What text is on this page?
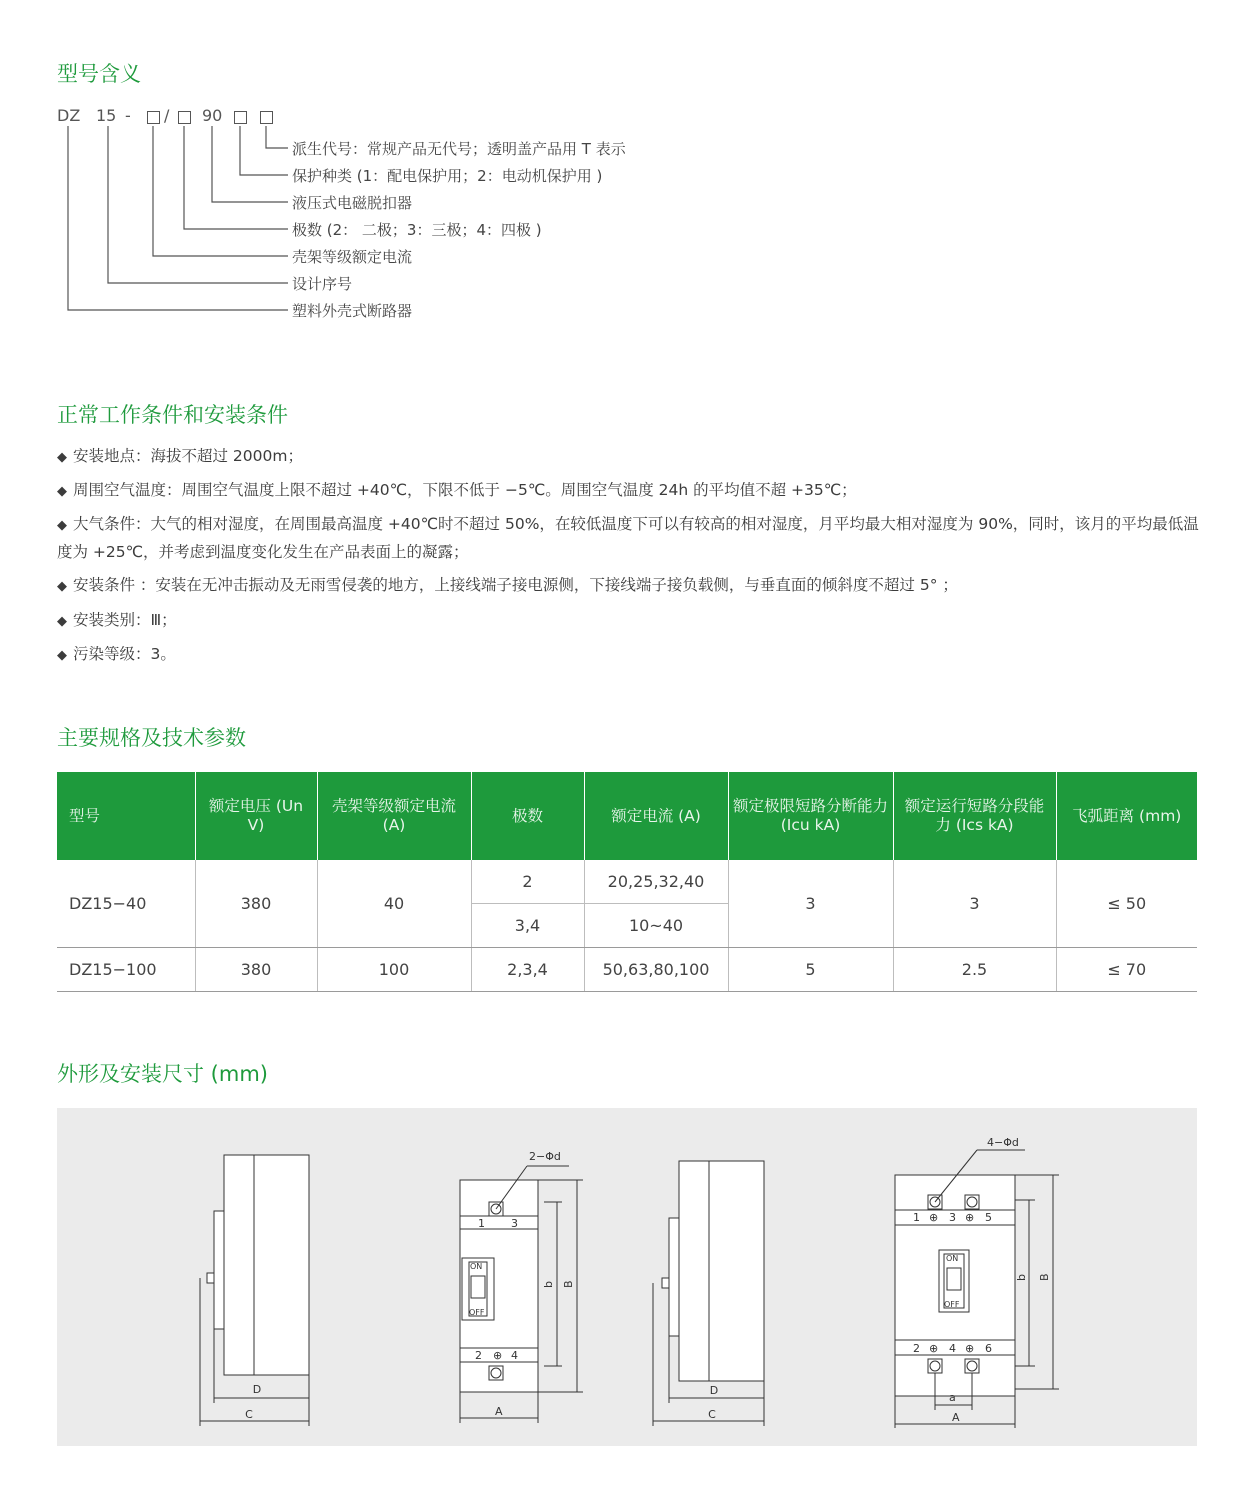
型号含义
DZ 15 - / 90
派生代号：常规产品无代号；透明盖产品用 T 表示
保护种类 (1：配电保护用；2：电动机保护用 )
液压式电磁脱扣器
极数 (2： 二极；3：三极；4：四极 )
壳架等级额定电流
设计序号
塑料外壳式断路器
正常工作条件和安装条件
◆ 安装地点：海拔不超过 2000m；
◆ 周围空气温度：周围空气温度上限不超过 +40℃，下限不低于 −5℃。周围空气温度 24h 的平均值不超 +35℃；
◆ 大气条件：大气的相对湿度，在周围最高温度 +40℃时不超过 50%，在较低温度下可以有较高的相对湿度，月平均最大相对湿度为 90%，同时，该月的平均最低温度为 +25℃，并考虑到温度变化发生在产品表面上的凝露；
◆ 安装条件 ：安装在无冲击振动及无雨雪侵袭的地方，上接线端子接电源侧，下接线端子接负载侧，与垂直面的倾斜度不超过 5° ；
◆ 安装类别：Ⅲ；
◆ 污染等级：3。
主要规格及技术参数
型号	额定电压 (Un V)	壳架等级额定电流 (A)	极数	额定电流 (A)	额定极限短路分断能力 (Icu kA)	额定运行短路分段能力 (Ics kA)	飞弧距离 (mm)
DZ15−40	380	40	2	20,25,32,40	3	3	≤ 50
			3,4	10~40			
DZ15−100	380	100	2,3,4	50,63,80,100	5	2.5	≤ 70
外形及安装尺寸 (mm)
D
C
ON
OFF
1 3
2	4
⊕
2−Φd
b B
A
D
C
ON
OFF
1 ⊕ 3 ⊕ 5
2 ⊕ 4 ⊕ 6
4−Φd
b B
a
A
